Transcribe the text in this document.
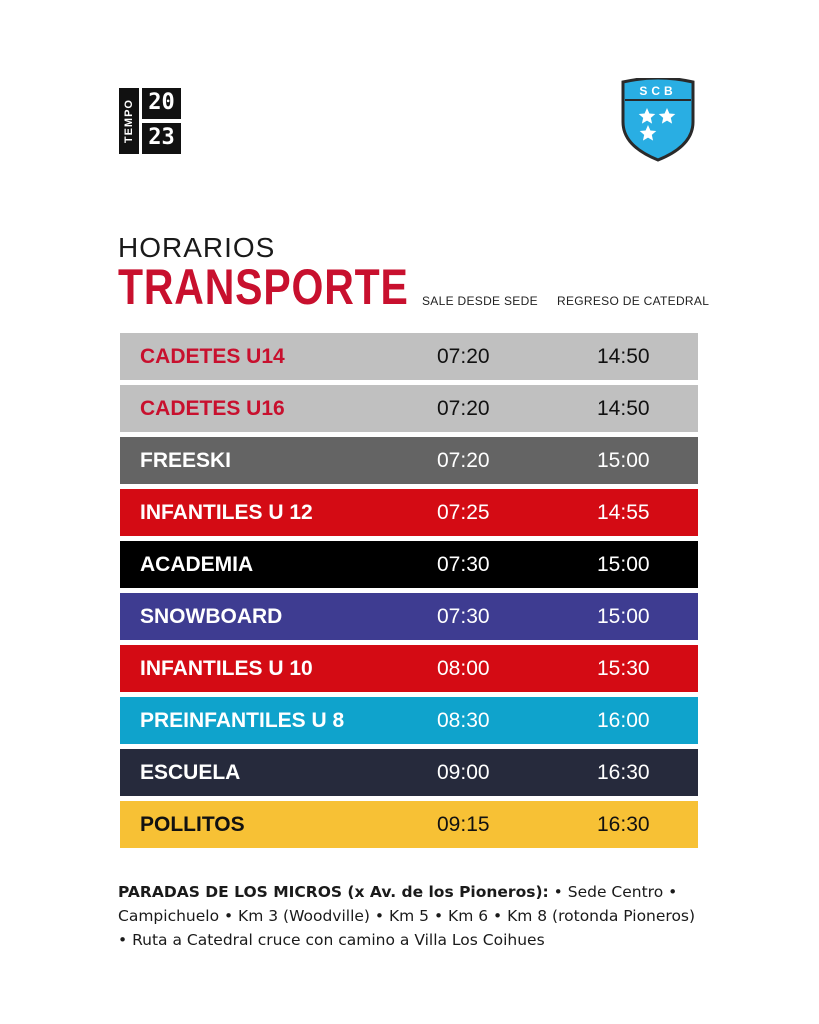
TEMPO 20
23
SCB
HORARIOS
TRANSPORTE SALE DESDE SEDE REGRESO DE CATEDRAL
CADETES U14	07:20	14:50
CADETES U16	07:20	14:50
FREESKI	07:20	15:00
INFANTILES U 12	07:25	14:55
ACADEMIA	07:30	15:00
SNOWBOARD	07:30	15:00
INFANTILES U 10	08:00	15:30
PREINFANTILES U 8	08:30	16:00
ESCUELA	09:00	16:30
POLLITOS	09:15	16:30

PARADAS DE LOS MICROS (x Av. de los Pioneros): • Sede Centro • Campichuelo • Km 3 (Woodville) • Km 5 • Km 6 • Km 8 (rotonda Pioneros) • Ruta a Catedral cruce con camino a Villa Los Coihues
